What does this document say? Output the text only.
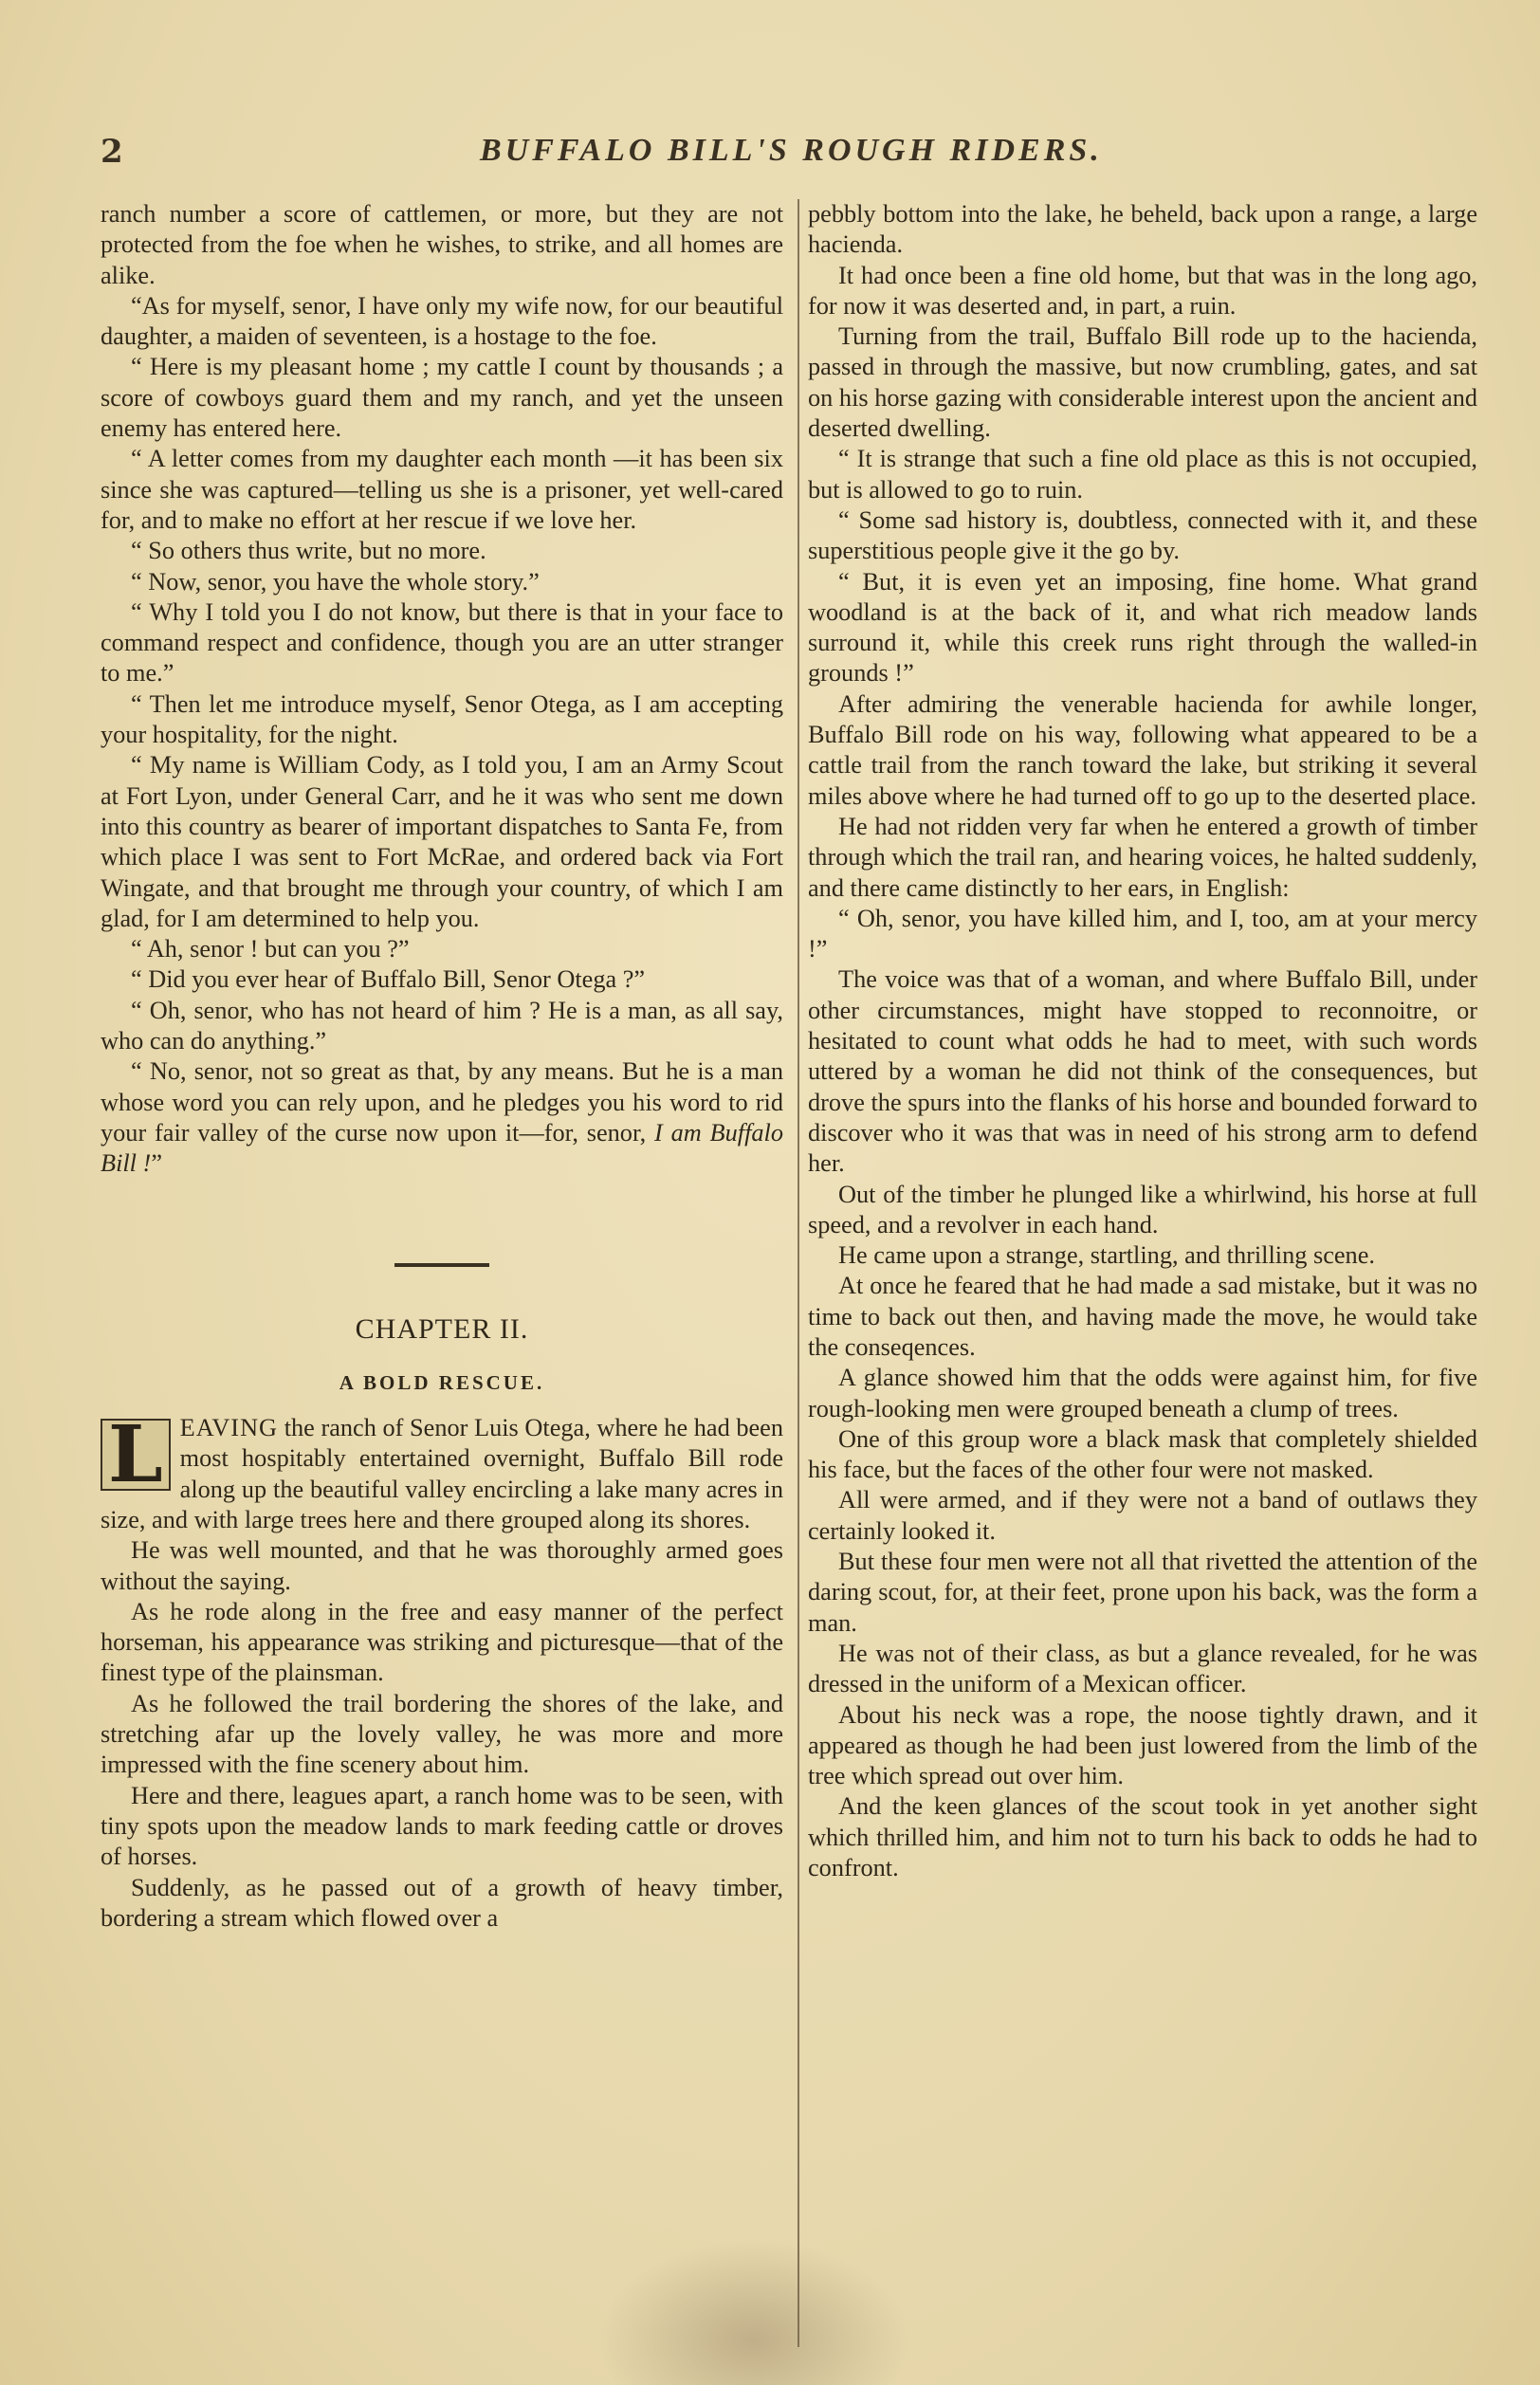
2	BUFFALO BILL'S ROUGH RIDERS.

ranch number a score of cattlemen, or more, but they are not protected from the foe when he wishes, to strike, and all homes are alike.

“As for myself, senor, I have only my wife now, for our beautiful daughter, a maiden of seventeen, is a hostage to the foe.

“ Here is my pleasant home ; my cattle I count by thousands ; a score of cowboys guard them and my ranch, and yet the unseen enemy has entered here.

“ A letter comes from my daughter each month —it has been six since she was captured—telling us she is a prisoner, yet well-cared for, and to make no effort at her rescue if we love her.

“ So others thus write, but no more.

“ Now, senor, you have the whole story.”

“ Why I told you I do not know, but there is that in your face to command respect and confidence, though you are an utter stranger to me.”

“ Then let me introduce myself, Senor Otega, as I am accepting your hospitality, for the night.

“ My name is William Cody, as I told you, I am an Army Scout at Fort Lyon, under General Carr, and he it was who sent me down into this country as bearer of important dispatches to Santa Fe, from which place I was sent to Fort McRae, and ordered back via Fort Wingate, and that brought me through your country, of which I am glad, for I am determined to help you.

“ Ah, senor ! but can you ?”

“ Did you ever hear of Buffalo Bill, Senor Otega ?”

“ Oh, senor, who has not heard of him ? He is a man, as all say, who can do anything.”

“ No, senor, not so great as that, by any means. But he is a man whose word you can rely upon, and he pledges you his word to rid your fair valley of the curse now upon it—for, senor, I am Buffalo Bill !”

CHAPTER II.
A BOLD RESCUE.

L EAVING the ranch of Senor Luis Otega, where he had been most hospitably entertained overnight, Buffalo Bill rode along up the beautiful valley encircling a lake many acres in size, and with large trees here and there grouped along its shores.

He was well mounted, and that he was thoroughly armed goes without the saying.

As he rode along in the free and easy manner of the perfect horseman, his appearance was striking and picturesque—that of the finest type of the plainsman.

As he followed the trail bordering the shores of the lake, and stretching afar up the lovely valley, he was more and more impressed with the fine scenery about him.

Here and there, leagues apart, a ranch home was to be seen, with tiny spots upon the meadow lands to mark feeding cattle or droves of horses.

Suddenly, as he passed out of a growth of heavy timber, bordering a stream which flowed over a

pebbly bottom into the lake, he beheld, back upon a range, a large hacienda.

It had once been a fine old home, but that was in the long ago, for now it was deserted and, in part, a ruin.

Turning from the trail, Buffalo Bill rode up to the hacienda, passed in through the massive, but now crumbling, gates, and sat on his horse gazing with considerable interest upon the ancient and deserted dwelling.

“ It is strange that such a fine old place as this is not occupied, but is allowed to go to ruin.

“ Some sad history is, doubtless, connected with it, and these superstitious people give it the go by.

“ But, it is even yet an imposing, fine home. What grand woodland is at the back of it, and what rich meadow lands surround it, while this creek runs right through the walled-in grounds !”

After admiring the venerable hacienda for awhile longer, Buffalo Bill rode on his way, following what appeared to be a cattle trail from the ranch toward the lake, but striking it several miles above where he had turned off to go up to the deserted place.

He had not ridden very far when he entered a growth of timber through which the trail ran, and hearing voices, he halted suddenly, and there came distinctly to her ears, in English:

“ Oh, senor, you have killed him, and I, too, am at your mercy !”

The voice was that of a woman, and where Buffalo Bill, under other circumstances, might have stopped to reconnoitre, or hesitated to count what odds he had to meet, with such words uttered by a woman he did not think of the consequences, but drove the spurs into the flanks of his horse and bounded forward to discover who it was that was in need of his strong arm to defend her.

Out of the timber he plunged like a whirlwind, his horse at full speed, and a revolver in each hand.

He came upon a strange, startling, and thrilling scene.

At once he feared that he had made a sad mistake, but it was no time to back out then, and having made the move, he would take the conseqences.

A glance showed him that the odds were against him, for five rough-looking men were grouped beneath a clump of trees.

One of this group wore a black mask that completely shielded his face, but the faces of the other four were not masked.

All were armed, and if they were not a band of outlaws they certainly looked it.

But these four men were not all that rivetted the attention of the daring scout, for, at their feet, prone upon his back, was the form a man.

He was not of their class, as but a glance revealed, for he was dressed in the uniform of a Mexican officer.

About his neck was a rope, the noose tightly drawn, and it appeared as though he had been just lowered from the limb of the tree which spread out over him.

And the keen glances of the scout took in yet another sight which thrilled him, and him not to turn his back to odds he had to confront.
